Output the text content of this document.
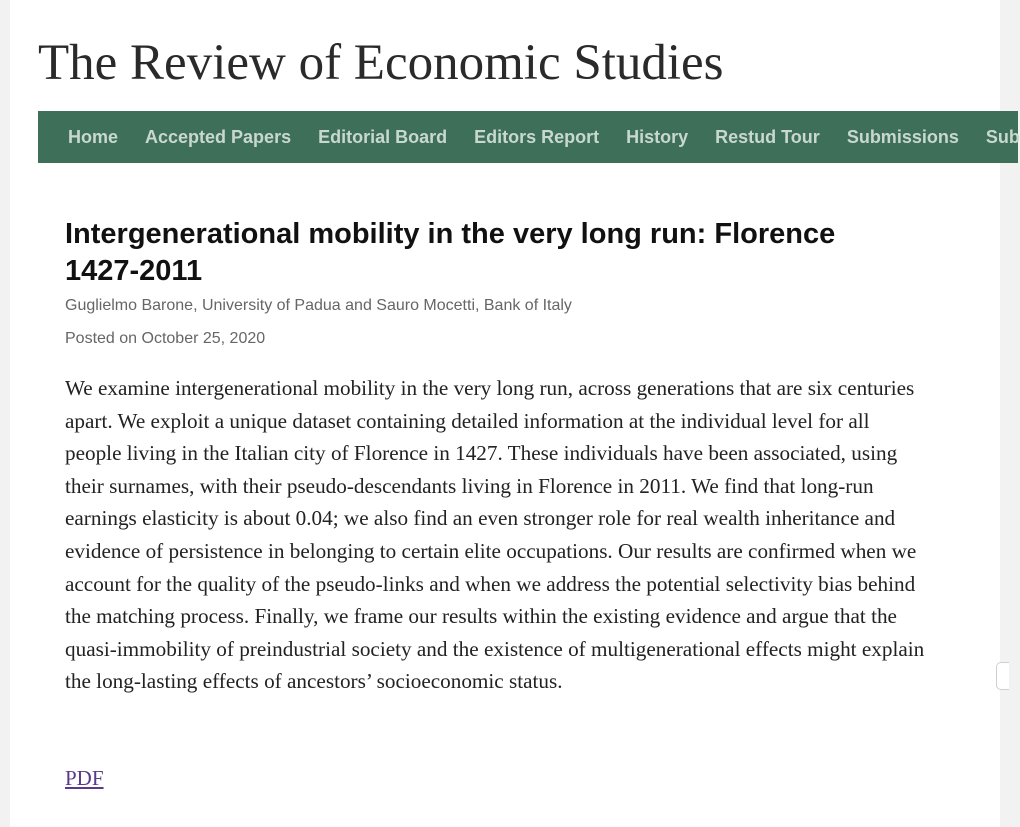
The Review of Economic Studies
Home Accepted Papers Editorial Board Editors Report History Restud Tour Submissions Sub
Intergenerational mobility in the very long run: Florence 1427-2011
Guglielmo Barone, University of Padua and Sauro Mocetti, Bank of Italy
Posted on October 25, 2020

We examine intergenerational mobility in the very long run, across generations that are six centuries apart. We exploit a unique dataset containing detailed information at the individual level for all people living in the Italian city of Florence in 1427. These individuals have been associated, using their surnames, with their pseudo-descendants living in Florence in 2011. We find that long-run earnings elasticity is about 0.04; we also find an even stronger role for real wealth inheritance and evidence of persistence in belonging to certain elite occupations. Our results are confirmed when we account for the quality of the pseudo-links and when we address the potential selectivity bias behind the matching process. Finally, we frame our results within the existing evidence and argue that the quasi-immobility of preindustrial society and the existence of multigenerational effects might explain the long-lasting effects of ancestors’ socioeconomic status.

PDF
